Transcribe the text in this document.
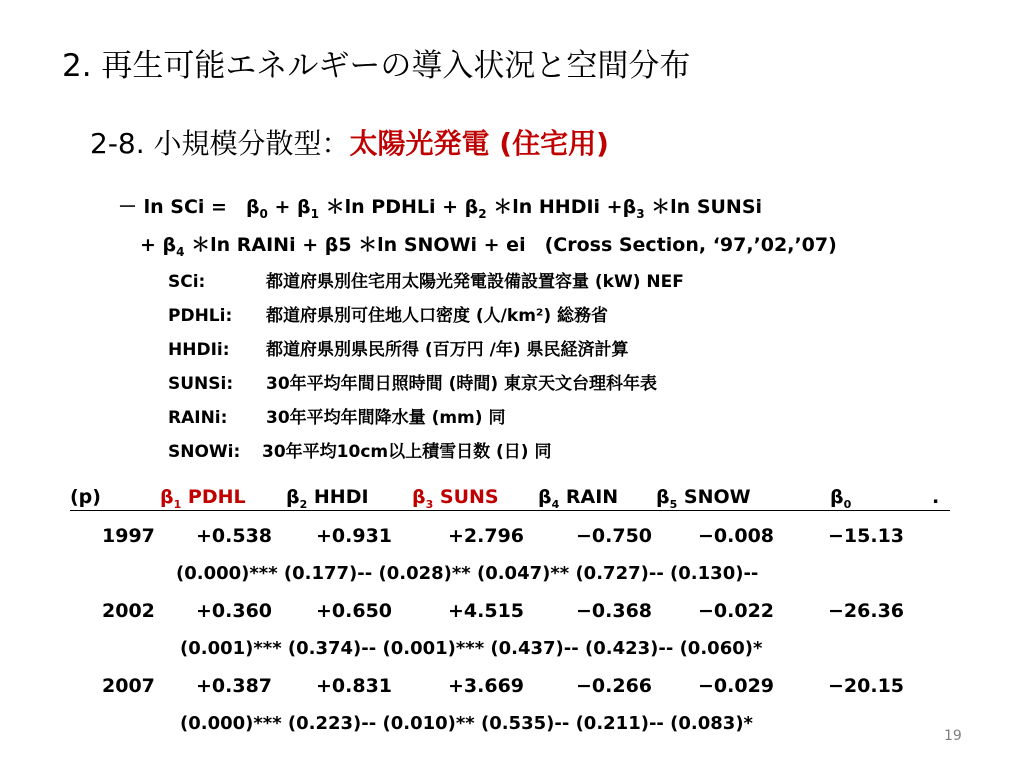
2. 再生可能エネルギーの導入状況と空間分布
2-8. 小規模分散型：太陽光発電 (住宅用)
－ ln SCi =　$\beta_0 + \beta_1$ ＊ln PDHLi + $\beta_2$ ＊ln HHDIi $+\beta_3$ ＊ln SUNSi
+ $\beta_4$ ＊ln RAINi + β5 ＊ln SNOWi + ei　(Cross Section, ‘97,’02,’07)
SCi:	都道府県別住宅用太陽光発電設備設置容量 (kW) NEF
PDHLi: 都道府県別可住地人口密度 (人/km²) 総務省
HHDIi: 都道府県別県民所得 (百万円 /年) 県民経済計算
SUNSi: 30年平均年間日照時間 (時間) 東京天文台理科年表
RAINi: 30年平均年間降水量 (mm) 同
SNOWi: 30年平均10cm以上積雪日数 (日) 同
(p)	$\beta_1$ PDHL $\beta_2$ HHDI $\beta_3$ SUNS $\beta_4$ RAIN $\beta_5$ SNOW	$\beta_0$	.

1997 +0.538 +0.931	+2.796	−0.750 −0.008	−15.13
(0.000)*** (0.177)‐‐ (0.028)** (0.047)** (0.727)‐‐ (0.130)‐‐
2002 +0.360 +0.650	+4.515	−0.368 −0.022	−26.36
(0.001)*** (0.374)‐‐ (0.001)*** (0.437)‐‐ (0.423)‐‐ (0.060)*
2007 +0.387 +0.831	+3.669	−0.266 −0.029	−20.15
(0.000)*** (0.223)‐‐ (0.010)** (0.535)‐‐ (0.211)‐‐ (0.083)*
19
